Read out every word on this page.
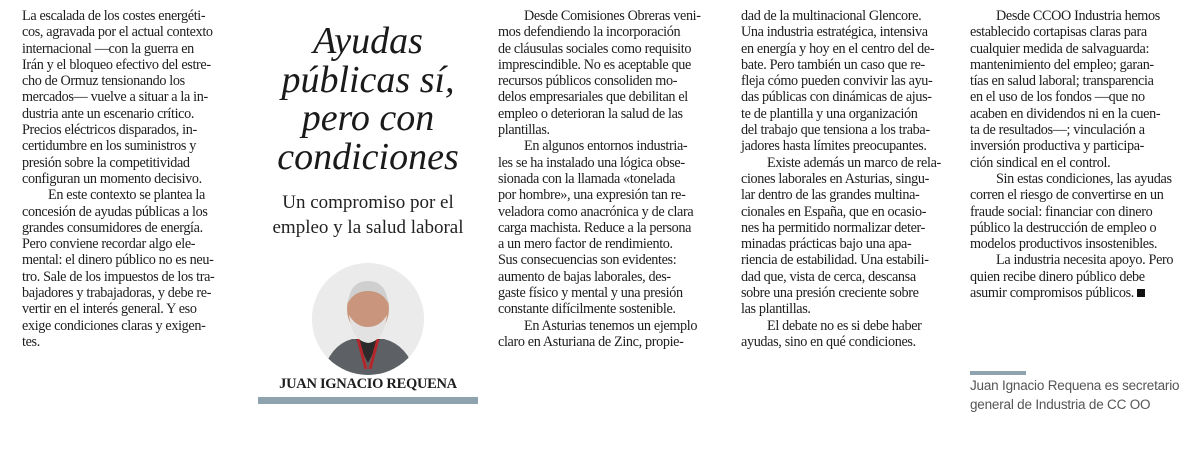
La escalada de los costes energéti-
cos, agravada por el actual contexto
internacional —con la guerra en
Irán y el bloqueo efectivo del estre-
cho de Ormuz tensionando los
mercados— vuelve a situar a la in-
dustria ante un escenario crítico.
Precios eléctricos disparados, in-
certidumbre en los suministros y
presión sobre la competitividad
configuran un momento decisivo.
En este contexto se plantea la
concesión de ayudas públicas a los
grandes consumidores de energía.
Pero conviene recordar algo ele-
mental: el dinero público no es neu-
tro. Sale de los impuestos de los tra-
bajadores y trabajadoras, y debe re-
vertir en el interés general. Y eso
exige condiciones claras y exigen-
tes.
Ayudas
públicas sí,
pero con
condiciones
Un compromiso por el
empleo y la salud laboral
JUAN IGNACIO REQUENA
Desde Comisiones Obreras veni-
mos defendiendo la incorporación
de cláusulas sociales como requisito
imprescindible. No es aceptable que
recursos públicos consoliden mo-
delos empresariales que debilitan el
empleo o deterioran la salud de las
plantillas.
En algunos entornos industria-
les se ha instalado una lógica obse-
sionada con la llamada «tonelada
por hombre», una expresión tan re-
veladora como anacrónica y de clara
carga machista. Reduce a la persona
a un mero factor de rendimiento.
Sus consecuencias son evidentes:
aumento de bajas laborales, des-
gaste físico y mental y una presión
constante difícilmente sostenible.
En Asturias tenemos un ejemplo
claro en Asturiana de Zinc, propie-
dad de la multinacional Glencore.
Una industria estratégica, intensiva
en energía y hoy en el centro del de-
bate. Pero también un caso que re-
fleja cómo pueden convivir las ayu-
das públicas con dinámicas de ajus-
te de plantilla y una organización
del trabajo que tensiona a los traba-
jadores hasta límites preocupantes.
Existe además un marco de rela-
ciones laborales en Asturias, singu-
lar dentro de las grandes multina-
cionales en España, que en ocasio-
nes ha permitido normalizar deter-
minadas prácticas bajo una apa-
riencia de estabilidad. Una estabili-
dad que, vista de cerca, descansa
sobre una presión creciente sobre
las plantillas.
El debate no es si debe haber
ayudas, sino en qué condiciones.
Desde CCOO Industria hemos
establecido cortapisas claras para
cualquier medida de salvaguarda:
mantenimiento del empleo; garan-
tías en salud laboral; transparencia
en el uso de los fondos —que no
acaben en dividendos ni en la cuen-
ta de resultados—; vinculación a
inversión productiva y participa-
ción sindical en el control.
Sin estas condiciones, las ayudas
corren el riesgo de convertirse en un
fraude social: financiar con dinero
público la destrucción de empleo o
modelos productivos insostenibles.
La industria necesita apoyo. Pero
quien recibe dinero público debe
asumir compromisos públicos.
Juan Ignacio Requena es secretario
general de Industria de CC OO
